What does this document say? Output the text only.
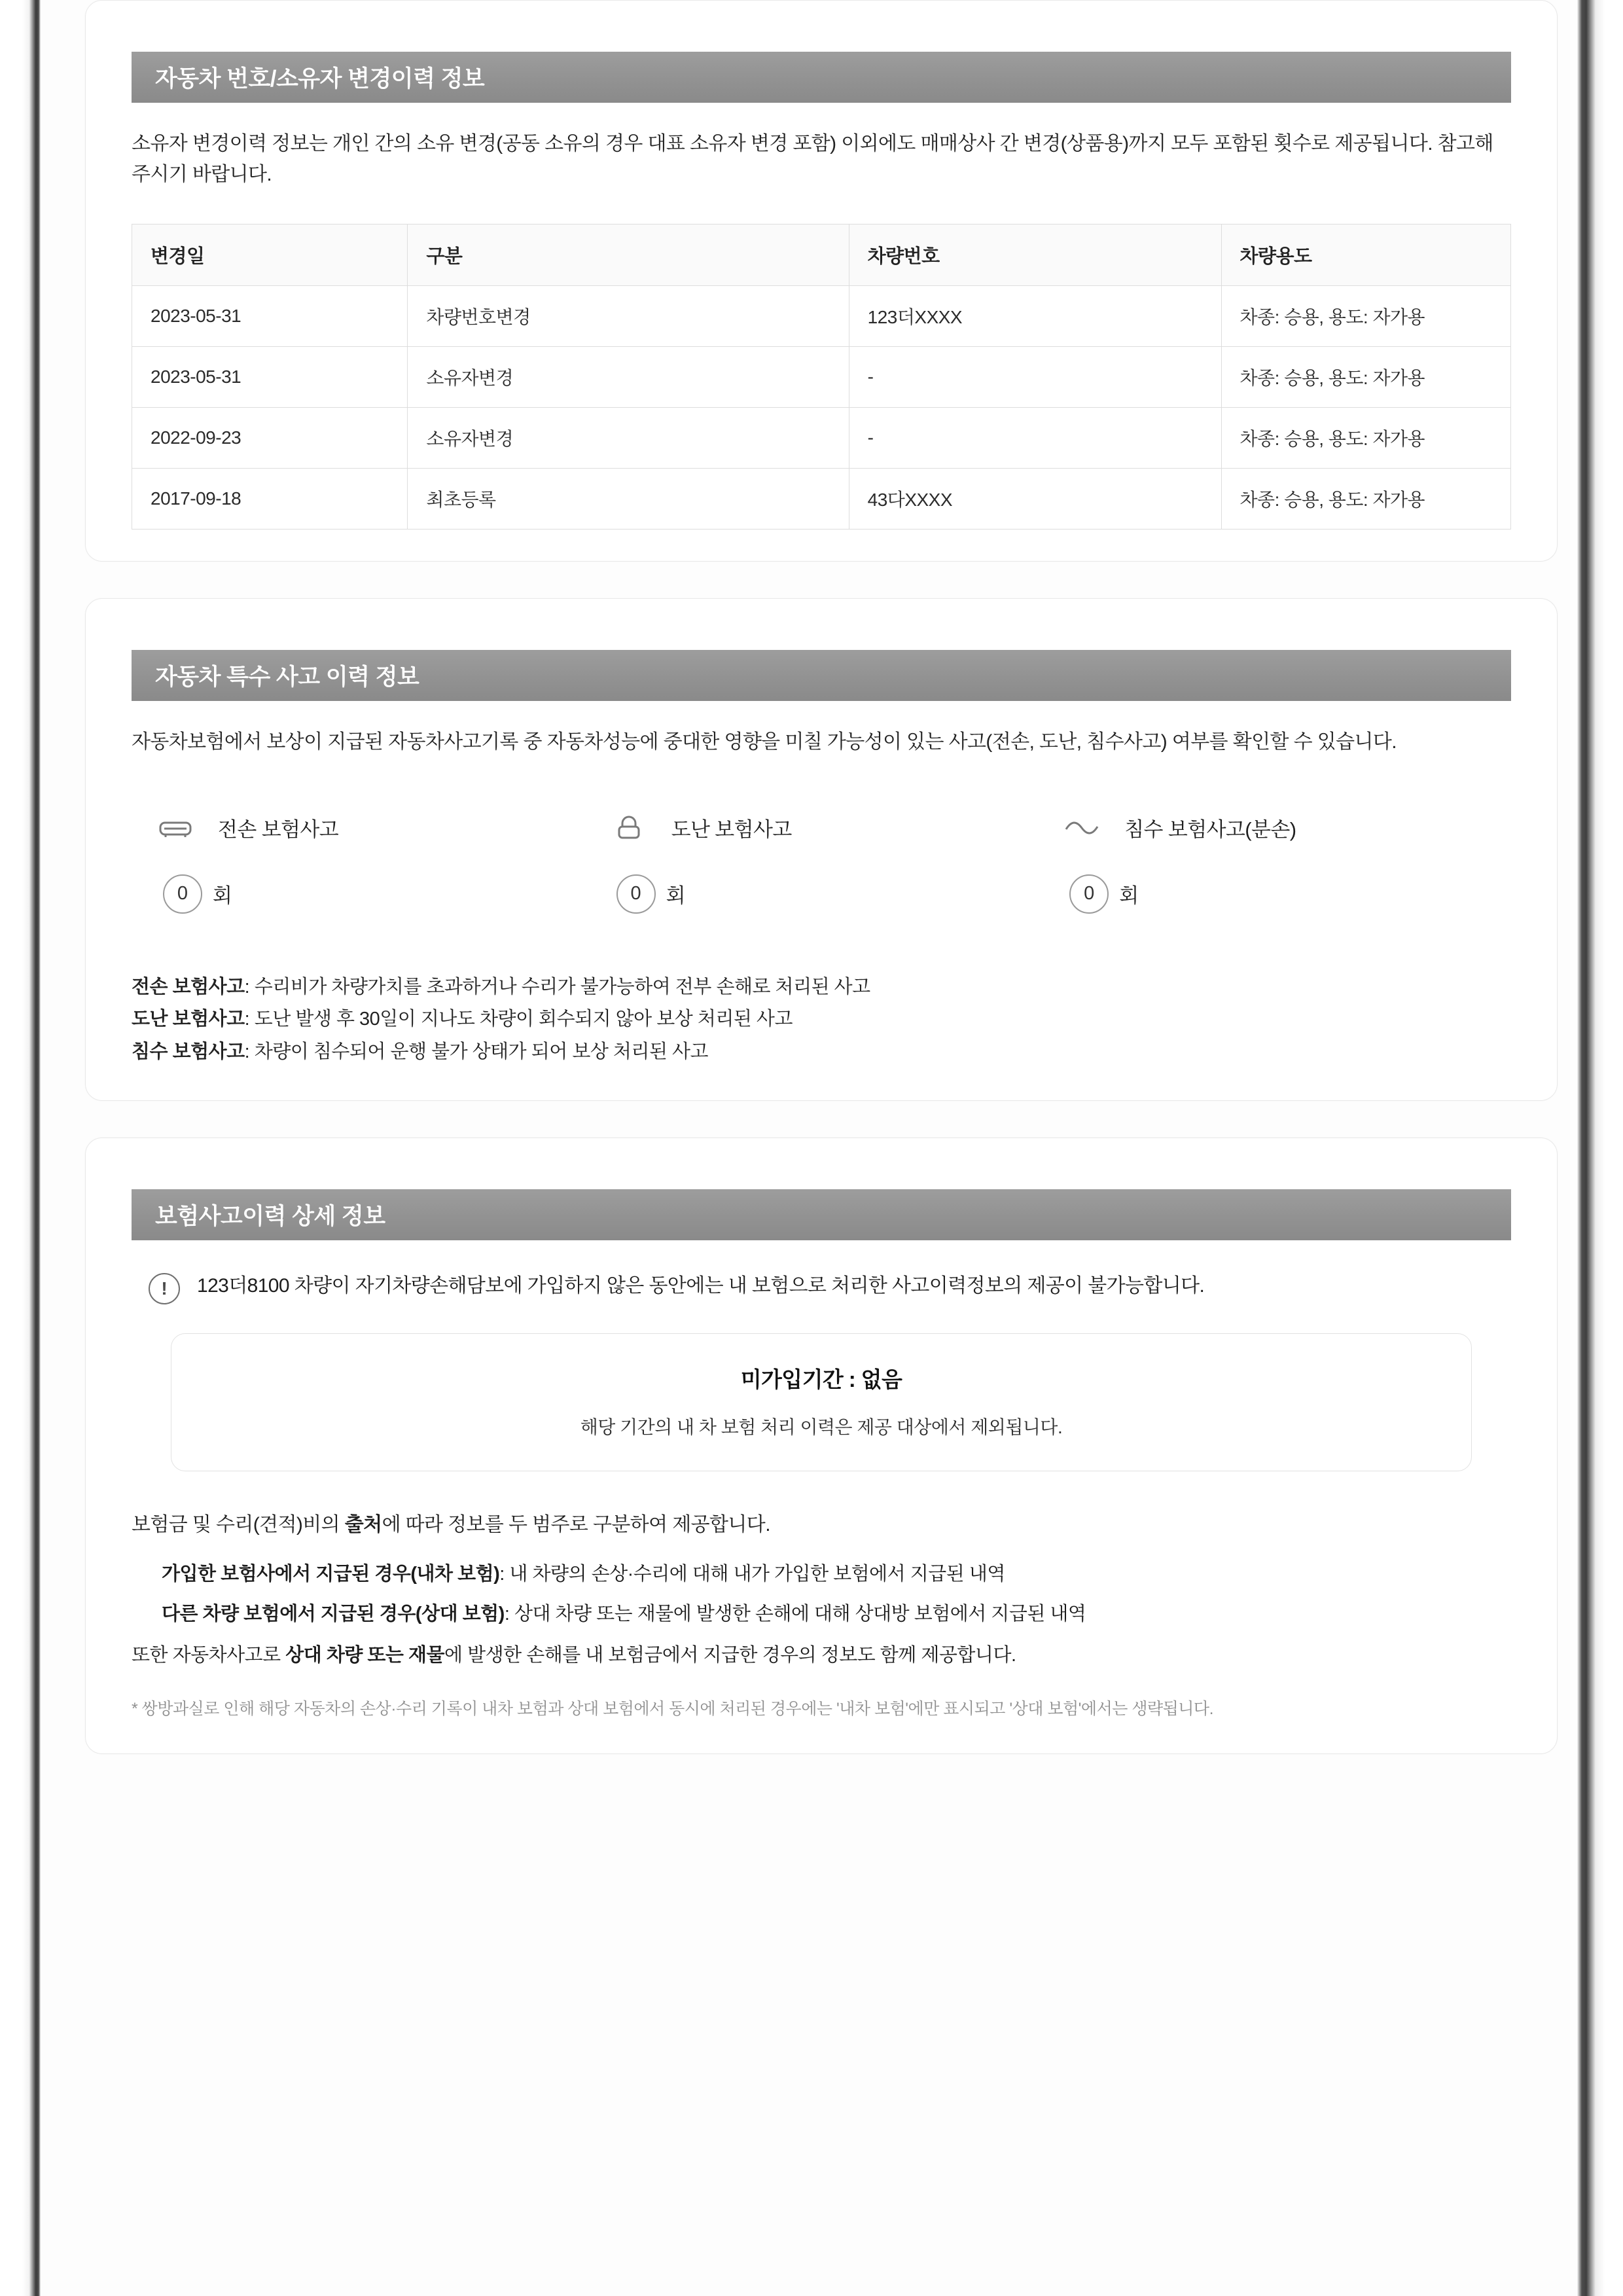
자동차 번호/소유자 변경이력 정보
소유자 변경이력 정보는 개인 간의 소유 변경(공동 소유의 경우 대표 소유자 변경 포함) 이외에도 매매상사 간 변경(상품용)까지 모두 포함된 횟수로 제공됩니다. 참고해주시기 바랍니다.
변경일	구분	차량번호	차량용도
2023-05-31	차량번호변경	123더XXXX	차종: 승용, 용도: 자가용
2023-05-31	소유자변경	-	차종: 승용, 용도: 자가용
2022-09-23	소유자변경	-	차종: 승용, 용도: 자가용
2017-09-18	최초등록	43다XXXX	차종: 승용, 용도: 자가용
자동차 특수 사고 이력 정보
자동차보험에서 보상이 지급된 자동차사고기록 중 자동차성능에 중대한 영향을 미칠 가능성이 있는 사고(전손, 도난, 침수사고) 여부를 확인할 수 있습니다.
전손 보험사고
0	회
도난 보험사고
0	회
침수 보험사고(분손)
0	회
전손 보험사고: 수리비가 차량가치를 초과하거나 수리가 불가능하여 전부 손해로 처리된 사고
도난 보험사고: 도난 발생 후 30일이 지나도 차량이 회수되지 않아 보상 처리된 사고
침수 보험사고: 차량이 침수되어 운행 불가 상태가 되어 보상 처리된 사고
보험사고이력 상세 정보
!	123더8100 차량이 자기차량손해담보에 가입하지 않은 동안에는 내 보험으로 처리한 사고이력정보의 제공이 불가능합니다.
미가입기간 : 없음
해당 기간의 내 차 보험 처리 이력은 제공 대상에서 제외됩니다.
보험금 및 수리(견적)비의 출처에 따라 정보를 두 범주로 구분하여 제공합니다.
가입한 보험사에서 지급된 경우(내차 보험): 내 차량의 손상·수리에 대해 내가 가입한 보험에서 지급된 내역
다른 차량 보험에서 지급된 경우(상대 보험): 상대 차량 또는 재물에 발생한 손해에 대해 상대방 보험에서 지급된 내역
또한 자동차사고로 상대 차량 또는 재물에 발생한 손해를 내 보험금에서 지급한 경우의 정보도 함께 제공합니다.
* 쌍방과실로 인해 해당 자동차의 손상·수리 기록이 내차 보험과 상대 보험에서 동시에 처리된 경우에는 '내차 보험'에만 표시되고 '상대 보험'에서는 생략됩니다.
